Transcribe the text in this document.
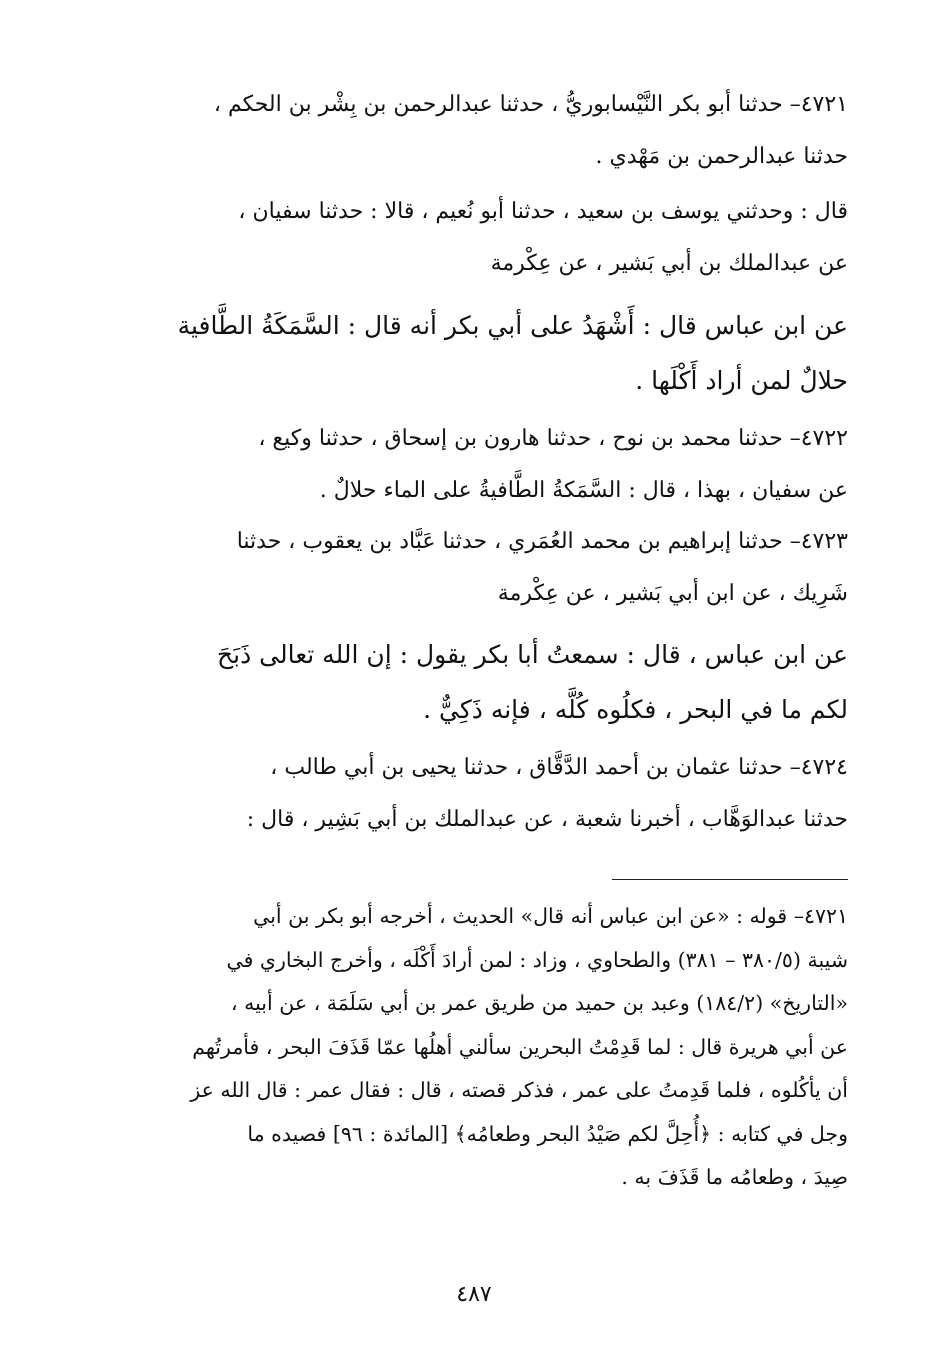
٤٧٢١– حدثنا أبو بكر النَّيْسابوريُّ ، حدثنا عبدالرحمن بن بِشْر بن الحكم ،
حدثنا عبدالرحمن بن مَهْدي .
قال : وحدثني يوسف بن سعيد ، حدثنا أبو نُعيم ، قالا : حدثنا سفيان ،
عن عبدالملك بن أبي بَشير ، عن عِكْرمة
عن ابن عباس قال : أَشْهَدُ على أبي بكر أنه قال : السَّمَكَةُ الطَّافية
حلالٌ لمن أراد أَكْلَها .
٤٧٢٢– حدثنا محمد بن نوح ، حدثنا هارون بن إسحاق ، حدثنا وكيع ،
عن سفيان ، بهذا ، قال : السَّمَكةُ الطَّافيةُ على الماء حلالٌ .
٤٧٢٣– حدثنا إبراهيم بن محمد العُمَري ، حدثنا عَبَّاد بن يعقوب ، حدثنا
شَرِيك ، عن ابن أبي بَشير ، عن عِكْرمة
عن ابن عباس ، قال : سمعتُ أبا بكر يقول : إن الله تعالى ذَبَحَ
لكم ما في البحر ، فكلُوه كُلَّه ، فإنه ذَكِيٌّ .
٤٧٢٤– حدثنا عثمان بن أحمد الدَّقَّاق ، حدثنا يحيى بن أبي طالب ،
حدثنا عبدالوَهَّاب ، أخبرنا شعبة ، عن عبدالملك بن أبي بَشِير ، قال :
٤٧٢١– قوله : «عن ابن عباس أنه قال» الحديث ، أخرجه أبو بكر بن أبي
شيبة (٣٨٠/٥ – ٣٨١) والطحاوي ، وزاد : لمن أرادَ أَكْلَه ، وأخرج البخاري في
«التاريخ» (١٨٤/٢) وعبد بن حميد من طريق عمر بن أبي سَلَمَة ، عن أبيه ،
عن أبي هريرة قال : لما قَدِمْتُ البحرين سألني أهلُها عمّا قَذَفَ البحر ، فأمرتُهم
أن يأكُلوه ، فلما قَدِمتُ على عمر ، فذكر قصته ، قال : فقال عمر : قال الله عز
وجل في كتابه : ﴿أُحِلَّ لكم صَيْدُ البحر وطعامُه﴾ [المائدة : ٩٦] فصيده ما
صِيدَ ، وطعامُه ما قَذَفَ به .
٤٨٧
